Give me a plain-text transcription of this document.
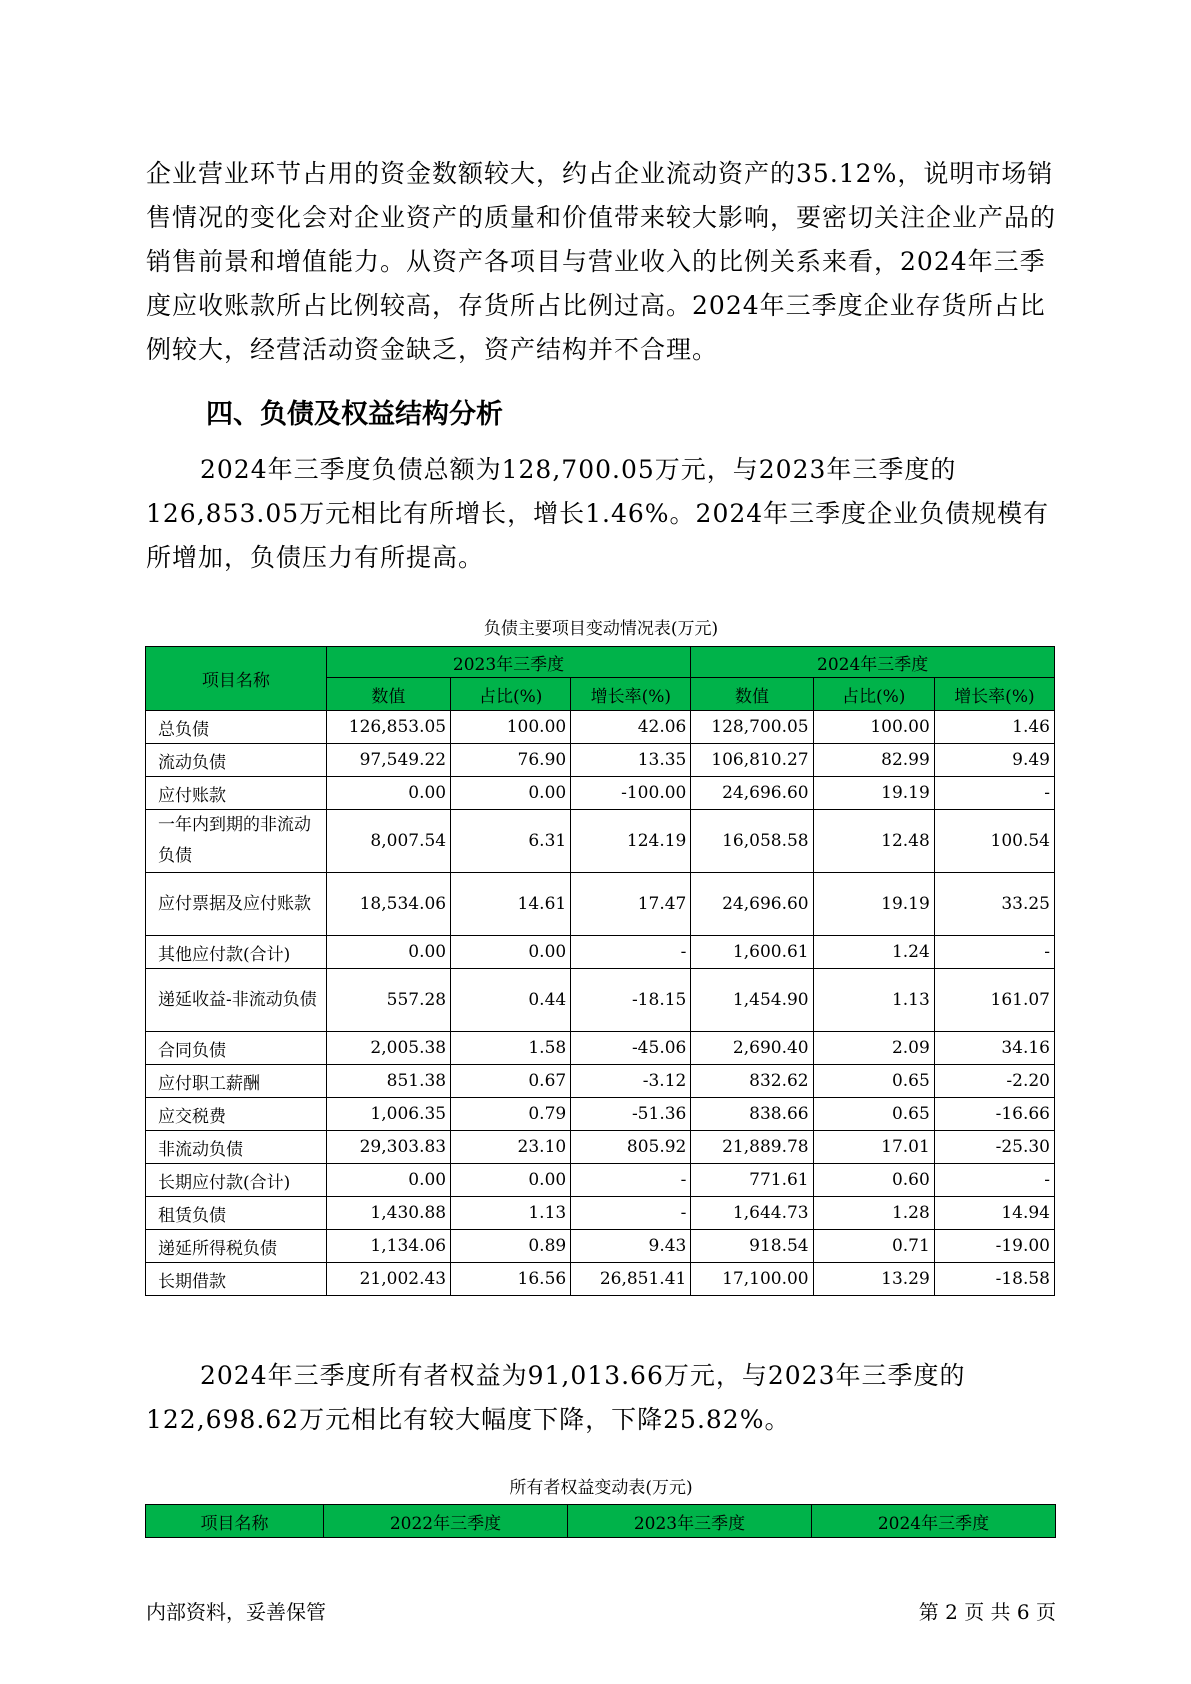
企业营业环节占用的资金数额较大，约占企业流动资产的35.12%，说明市场销售情况的变化会对企业资产的质量和价值带来较大影响，要密切关注企业产品的销售前景和增值能力。从资产各项目与营业收入的比例关系来看，2024年三季度应收账款所占比例较高，存货所占比例过高。2024年三季度企业存货所占比例较大，经营活动资金缺乏，资产结构并不合理。

四、负债及权益结构分析

2024年三季度负债总额为128,700.05万元，与2023年三季度的126,853.05万元相比有所增长，增长1.46%。2024年三季度企业负债规模有所增加，负债压力有所提高。

负债主要项目变动情况表(万元)

项目名称	2023年三季度			2024年三季度		
	数值	占比(%)	增长率(%)	数值	占比(%)	增长率(%)
总负债	126,853.05	100.00	42.06	128,700.05	100.00	1.46
流动负债	97,549.22	76.90	13.35	106,810.27	82.99	9.49
应付账款	0.00	0.00	-100.00	24,696.60	19.19	-
一年内到期的非流动负债	8,007.54	6.31	124.19	16,058.58	12.48	100.54
应付票据及应付账款	18,534.06	14.61	17.47	24,696.60	19.19	33.25
其他应付款(合计)	0.00	0.00	-	1,600.61	1.24	-
递延收益-非流动负债	557.28	0.44	-18.15	1,454.90	1.13	161.07
合同负债	2,005.38	1.58	-45.06	2,690.40	2.09	34.16
应付职工薪酬	851.38	0.67	-3.12	832.62	0.65	-2.20
应交税费	1,006.35	0.79	-51.36	838.66	0.65	-16.66
非流动负债	29,303.83	23.10	805.92	21,889.78	17.01	-25.30
长期应付款(合计)	0.00	0.00	-	771.61	0.60	-
租赁负债	1,430.88	1.13	-	1,644.73	1.28	14.94
递延所得税负债	1,134.06	0.89	9.43	918.54	0.71	-19.00
长期借款	21,002.43	16.56	26,851.41	17,100.00	13.29	-18.58

2024年三季度所有者权益为91,013.66万元，与2023年三季度的122,698.62万元相比有较大幅度下降，下降25.82%。

所有者权益变动表(万元)

项目名称	2022年三季度	2023年三季度	2024年三季度

内部资料，妥善保管	第 2 页 共 6 页
